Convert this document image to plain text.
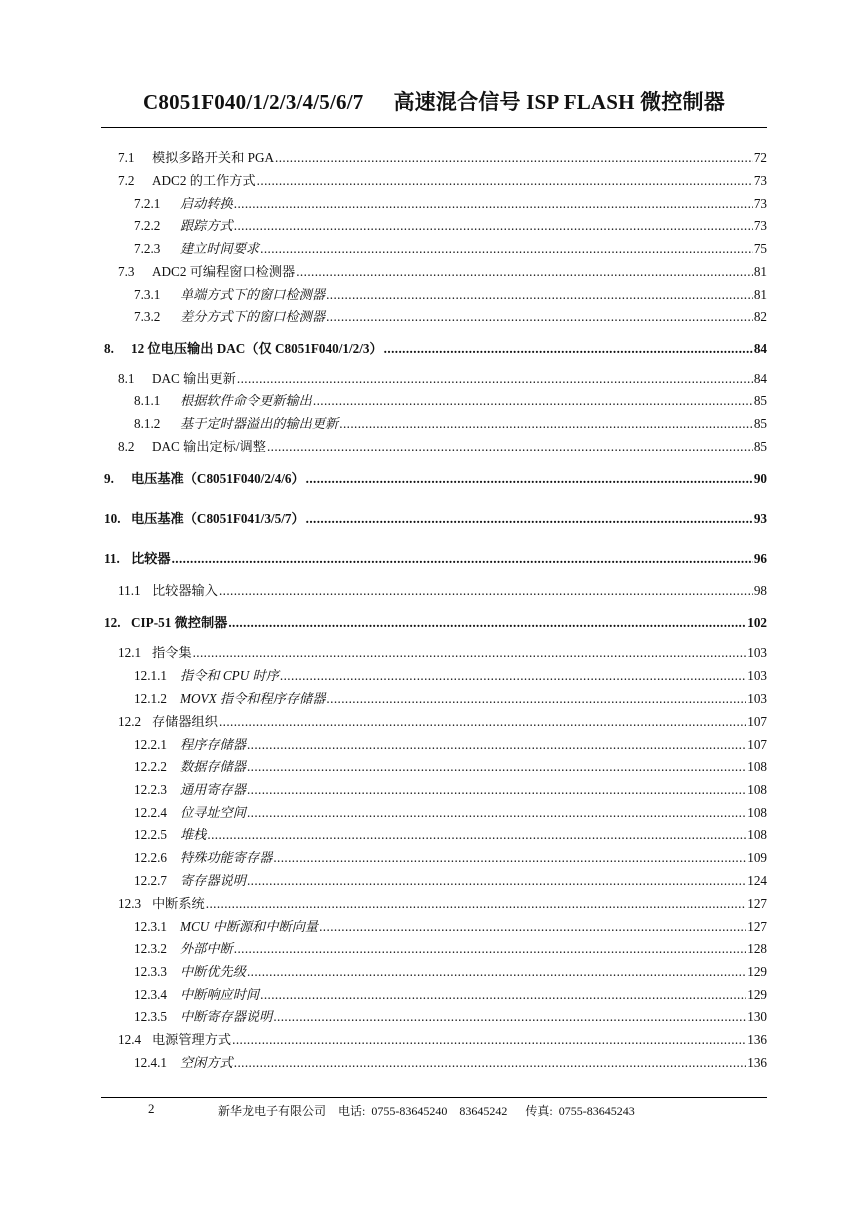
C8051F040/1/2/3/4/5/6/7 高速混合信号 ISP FLASH 微控制器
7.1	模拟多路开关和 PGA .....	72
7.2	ADC2 的工作方式 .....	73
7.2.1	启动转换 .....	73
7.2.2	跟踪方式 .....	73
7.2.3	建立时间要求 .....	75
7.3	ADC2 可编程窗口检测器 .....	81
7.3.1	单端方式下的窗口检测器 .....	81
7.3.2	差分方式下的窗口检测器 .....	82
8.	12 位电压输出 DAC（仅 C8051F040/1/2/3） .....	84
8.1	DAC 输出更新 .....	84
8.1.1	根据软件命令更新输出 .....	85
8.1.2	基于定时器溢出的输出更新 .....	85
8.2	DAC 输出定标/调整 .....	85
9.	电压基准（C8051F040/2/4/6） .....	90
10. 电压基准（C8051F041/3/5/7） .....	93
11. 比较器 .....	96
11.1 比较器输入 .....	98
12. CIP-51 微控制器 .....	102
12.1 指令集 .....	103
12.1.1 指令和 CPU 时序 .....	103
12.1.2 MOVX 指令和程序存储器 .....	103
12.2 存储器组织 .....	107
12.2.1 程序存储器 .....	107
12.2.2 数据存储器 .....	108
12.2.3 通用寄存器 .....	108
12.2.4 位寻址空间 .....	108
12.2.5 堆栈 .....	108
12.2.6 特殊功能寄存器 .....	109
12.2.7 寄存器说明 .....	124
12.3 中断系统 .....	127
12.3.1 MCU 中断源和中断向量 .....	127
12.3.2 外部中断 .....	128
12.3.3 中断优先级 .....	129
12.3.4 中断响应时间 .....	129
12.3.5 中断寄存器说明 .....	130
12.4 电源管理方式 .....	136
12.4.1 空闲方式 .....	136
2	新华龙电子有限公司 电话: 0755-83645240 83645242 传真: 0755-83645243
